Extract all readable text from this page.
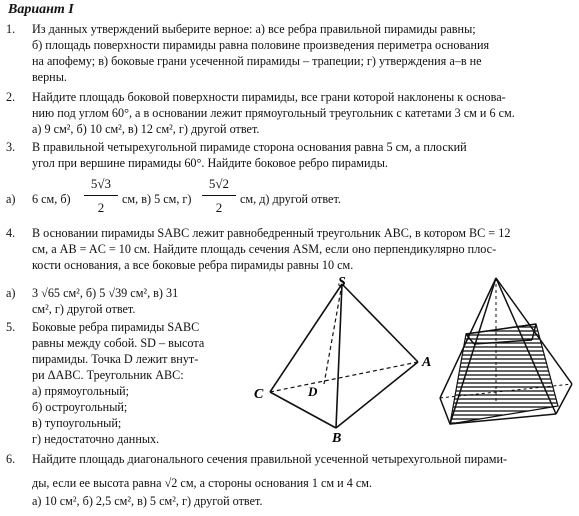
Вариант I
1. Из данных утверждений выберите верное: а) все ребра правильной пирамиды равны;
б) площадь поверхности пирамиды равна половине произведения периметра основания
на апофему; в) боковые грани усеченной пирамиды – трапеции; г) утверждения а–в не
верны.
2. Найдите площадь боковой поверхности пирамиды, все грани которой наклонены к основа-
нию под углом 60°, а в основании лежит прямоугольный треугольник с катетами 3 см и 6 см.
а) 9 см², б) 10 см², в) 12 см², г) другой ответ.
3. В правильной четырехугольной пирамиде сторона основания равна 5 см, а плоский
угол при вершине пирамиды 60°. Найдите боковое ребро пирамиды.
а) 6 см, б)
5√3
2
см, в) 5 см, г)
5√2
2
см, д) другой ответ.
4. В основании пирамиды SABC лежит равнобедренный треугольник ABC, в котором BC = 12
см, а AB = AC = 10 см. Найдите площадь сечения ASM, если оно перпендикулярно плос-
кости основания, а все боковые ребра пирамиды равны 10 см.
а) 3 √65 см², б) 5 √39 см², в) 31
см², г) другой ответ.
5. Боковые ребра пирамиды SABC
равны между собой. SD – высота
пирамиды. Точка D лежит внут-
ри ΔABC. Треугольник ABC:
а) прямоугольный;
б) остроугольный;
в) тупоугольный;
г) недостаточно данных.
S
A
B
C	D
6. Найдите площадь диагонального сечения правильной усеченной четырехугольной пирами-
ды, если ее высота равна √2 см, а стороны основания 1 см и 4 см.
а) 10 см², б) 2,5 см², в) 5 см², г) другой ответ.
